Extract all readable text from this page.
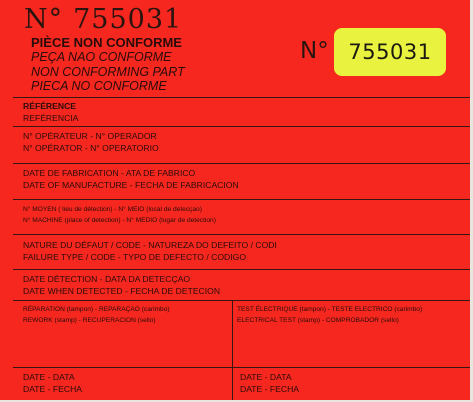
N° 755031
PIÈCE NON CONFORME
PEÇA NAO CONFORME
NON CONFORMING PART
PIECA NO CONFORME
N° 755031
RÉFÉRENCE
REFÉRENCIA
N° OPÉRATEUR - N° OPERADOR
N° OPÉRATOR - N° OPERATORIO
DATE DE FABRICATION - ATA DE FABRICO
DATE OF MANUFACTURE - FECHA DE FABRICACION
N° MOYEN ( lieu de détection) - N° MEIO (local de detecçao)
N° MACHINE (place of detection) - N° MEDIO (lugar de detection)
NATURE DU DÉFAUT / CODE - NATUREZA DO DEFEITO / CODI
FAILURE TYPE / CODE - TYPO DE DEFECTO / CODIGO
DATE DÉTECTION - DATA DA DETECÇAO
DATE WHEN DETECTED - FECHA DE DETECION
RÉPARATION (tampon) - REPARAÇAO (carimbo)
REWORK (stamp) - RECUPERACION (sello)
TEST ÉLECTRIQUE (tampon) - TESTE ELECTRICO (carimbo)
ELECTRICAL TEST (stamp) - COMPROBADOR (sello)
DATE - DATA
DATE - FECHA
DATE - DATA
DATE - FECHA
